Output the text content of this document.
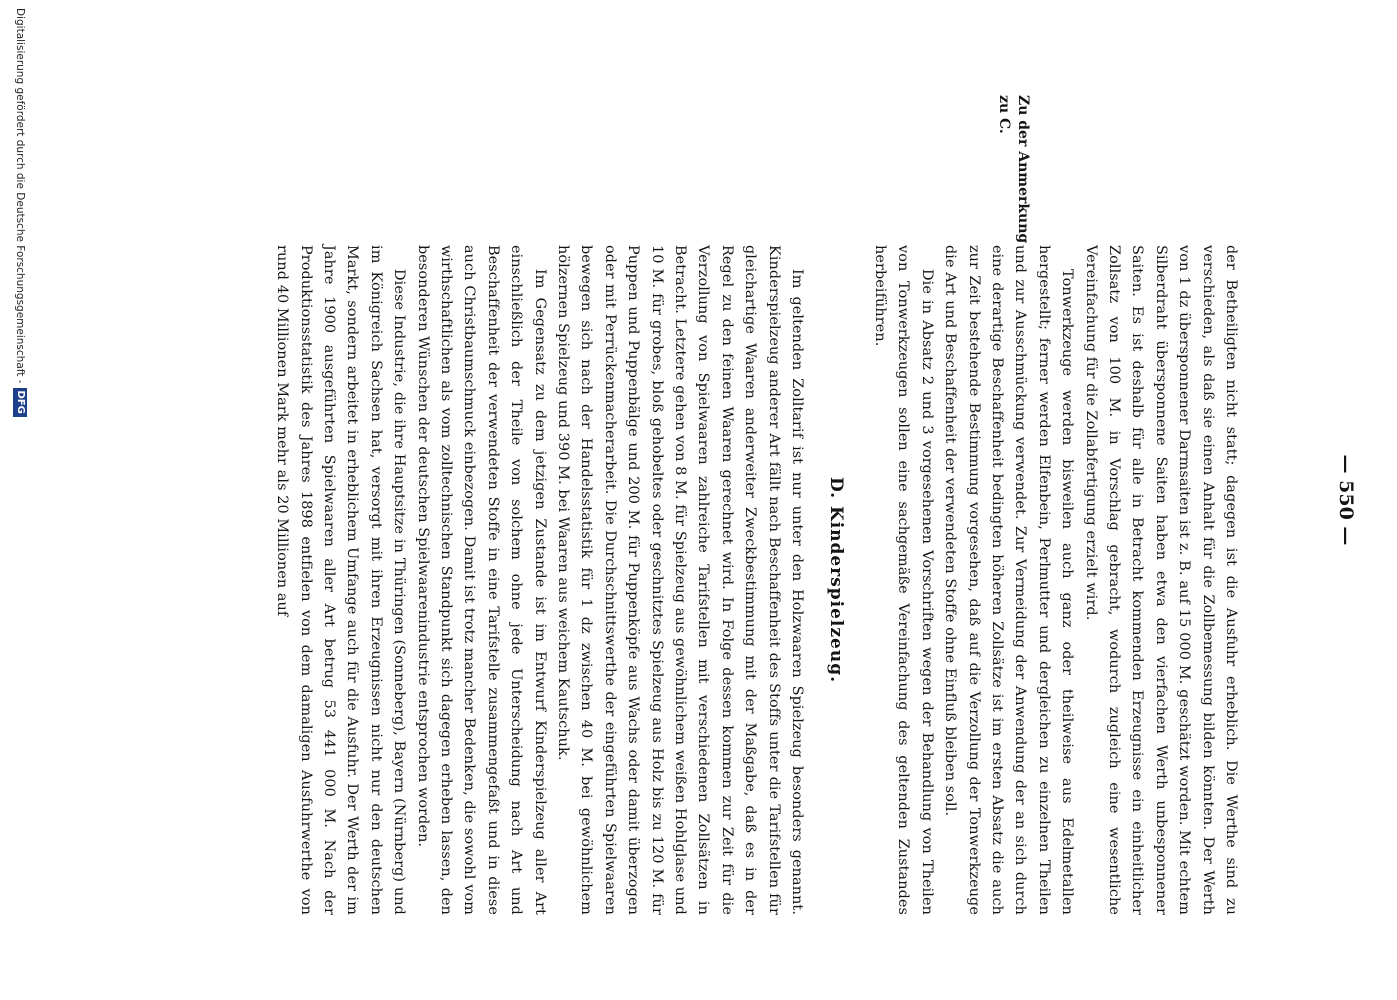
— 550 —
Zu der Anmerkung zu C.

der Betheiligten nicht statt; dagegen ist die Ausfuhr erheblich. Die Werthe sind zu verschieden, als daß sie einen Anhalt für die Zollbemessung bilden könnten. Der Werth von 1 dz übersponnener Darmsaiten ist z. B. auf 15 000 M. geschätzt worden. Mit echtem Silberdraht übersponnene Saiten haben etwa den vierfachen Werth unbesponnener Saiten. Es ist deshalb für alle in Betracht kommenden Erzeugnisse ein einheitlicher Zollsatz von 100 M. in Vorschlag gebracht, wodurch zugleich eine wesentliche Vereinfachung für die Zollabfertigung erzielt wird.

Tonwerkzeuge werden bisweilen auch ganz oder theilweise aus Edelmetallen hergestellt; ferner werden Elfenbein, Perlmutter und dergleichen zu einzelnen Theilen und zur Ausschmückung verwendet. Zur Vermeidung der Anwendung der an sich durch eine derartige Beschaffenheit bedingten höheren Zollsätze ist im ersten Absatz die auch zur Zeit bestehende Bestimmung vorgesehen, daß auf die Verzollung der Tonwerkzeuge die Art und Beschaffenheit der verwendeten Stoffe ohne Einfluß bleiben soll.

Die in Absatz 2 und 3 vorgesehenen Vorschriften wegen der Behandlung von Theilen von Tonwerkzeugen sollen eine sachgemäße Vereinfachung des geltenden Zustandes herbeiführen.

D. Kinderspielzeug.

Im geltenden Zolltarif ist nur unter den Holzwaaren Spielzeug besonders genannt. Kinderspielzeug anderer Art fällt nach Beschaffenheit des Stoffs unter die Tarifstellen für gleichartige Waaren anderweiter Zweckbestimmung mit der Maßgabe, daß es in der Regel zu den feinen Waaren gerechnet wird. In Folge dessen kommen zur Zeit für die Verzollung von Spielwaaren zahlreiche Tarifstellen mit verschiedenen Zollsätzen in Betracht. Letztere gehen von 8 M. für Spielzeug aus gewöhnlichem weißen Hohlglase und 10 M. für grobes, bloß gehobeltes oder geschnitztes Spielzeug aus Holz bis zu 120 M. für Puppen und Puppenbälge und 200 M. für Puppenköpfe aus Wachs oder damit überzogen oder mit Perrückenmacherarbeit. Die Durchschnittswerthe der eingeführten Spielwaaren bewegen sich nach der Handelsstatistik für 1 dz zwischen 40 M. bei gewöhnlichem hölzernen Spielzeug und 390 M. bei Waaren aus weichem Kautschuk.

Im Gegensatz zu dem jetzigen Zustande ist im Entwurf Kinderspielzeug aller Art einschließlich der Theile von solchem ohne jede Unterscheidung nach Art und Beschaffenheit der verwendeten Stoffe in eine Tarifstelle zusammengefaßt und in diese auch Christbaumschmuck einbezogen. Damit ist trotz mancher Bedenken, die sowohl vom wirthschaftlichen als vom zolltechnischen Standpunkt sich dagegen erheben lassen, den besonderen Wünschen der deutschen Spielwaarenindustrie entsprochen worden.

Diese Industrie, die ihre Hauptsitze in Thüringen (Sonneberg), Bayern (Nürnberg) und im Königreich Sachsen hat, versorgt mit ihren Erzeugnissen nicht nur den deutschen Markt, sondern arbeitet in erheblichem Umfange auch für die Ausfuhr. Der Werth der im Jahre 1900 ausgeführten Spielwaaren aller Art betrug 53 441 000 M. Nach der Produktionsstatistik des Jahres 1898 entfielen von dem damaligen Ausfuhrwerthe von rund 40 Millionen Mark mehr als 20 Millionen auf

Digitalisierung gefördert durch die Deutsche Forschungsgemeinschaft -
DFG
